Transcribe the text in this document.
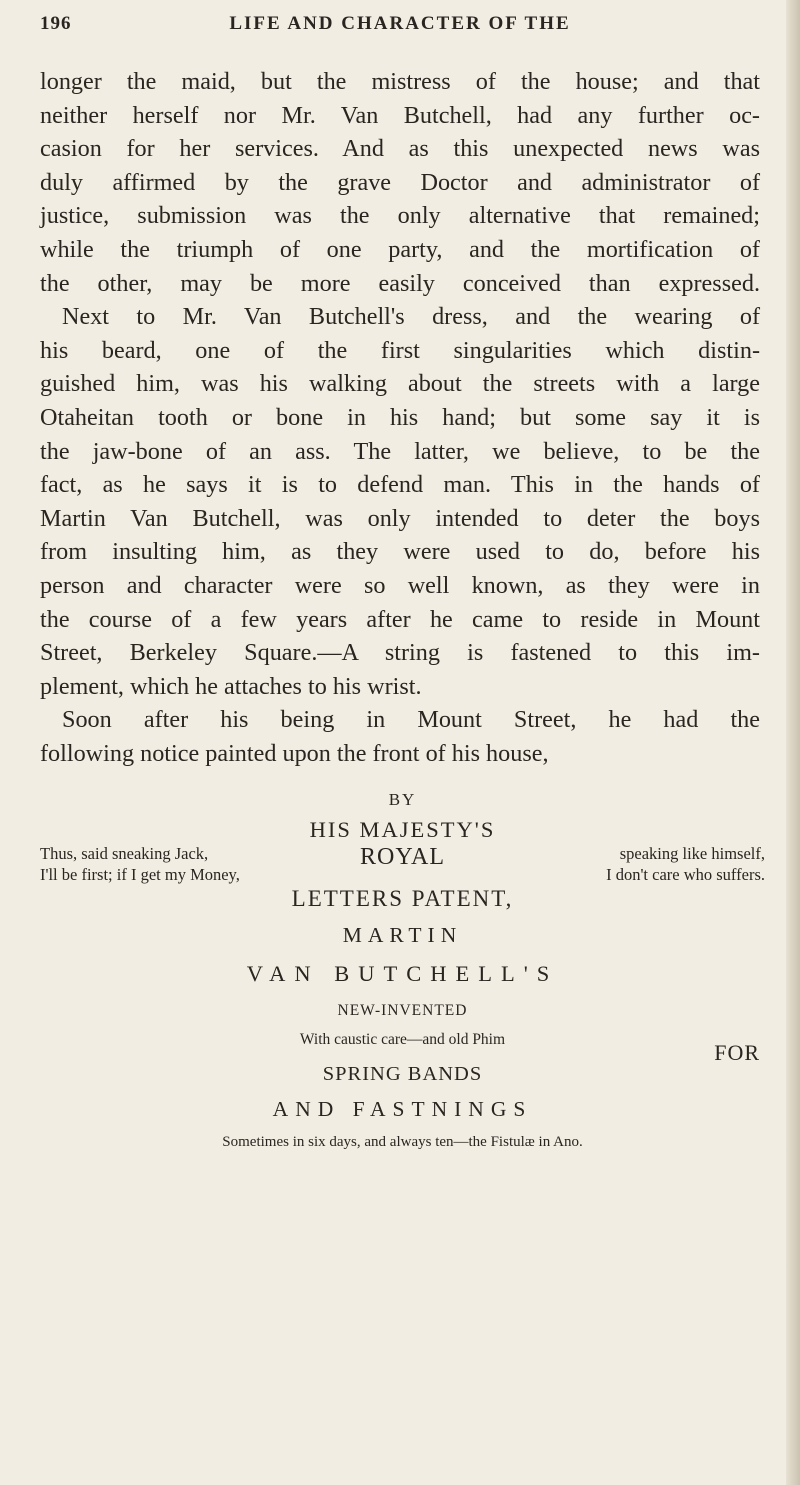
196	LIFE AND CHARACTER OF THE
longer the maid, but the mistress of the house; and that
neither herself nor Mr. Van Butchell, had any further oc-
casion for her services. And as this unexpected news was
duly affirmed by the grave Doctor and administrator of
justice, submission was the only alternative that remained;
while the triumph of one party, and the mortification of
the other, may be more easily conceived than expressed.
Next to Mr. Van Butchell's dress, and the wearing of
his beard, one of the first singularities which distin-
guished him, was his walking about the streets with a large
Otaheitan tooth or bone in his hand; but some say it is
the jaw-bone of an ass. The latter, we believe, to be the
fact, as he says it is to defend man. This in the hands of
Martin Van Butchell, was only intended to deter the boys
from insulting him, as they were used to do, before his
person and character were so well known, as they were in
the course of a few years after he came to reside in Mount
Street, Berkeley Square.—A string is fastened to this im-
plement, which he attaches to his wrist.
Soon after his being in Mount Street, he had the
following notice painted upon the front of his house,
BY
HIS MAJESTY'S
ROYAL
Thus, said sneaking Jack,
I'll be first; if I get my Money,
speaking like himself,
I don't care who suffers.
LETTERS PATENT,
MARTIN
VAN BUTCHELL'S
NEW-INVENTED
With caustic care—and old Phim
SPRING BANDS
AND FASTNINGS
Sometimes in six days, and always ten—the Fistulæ in Ano.
FOR
